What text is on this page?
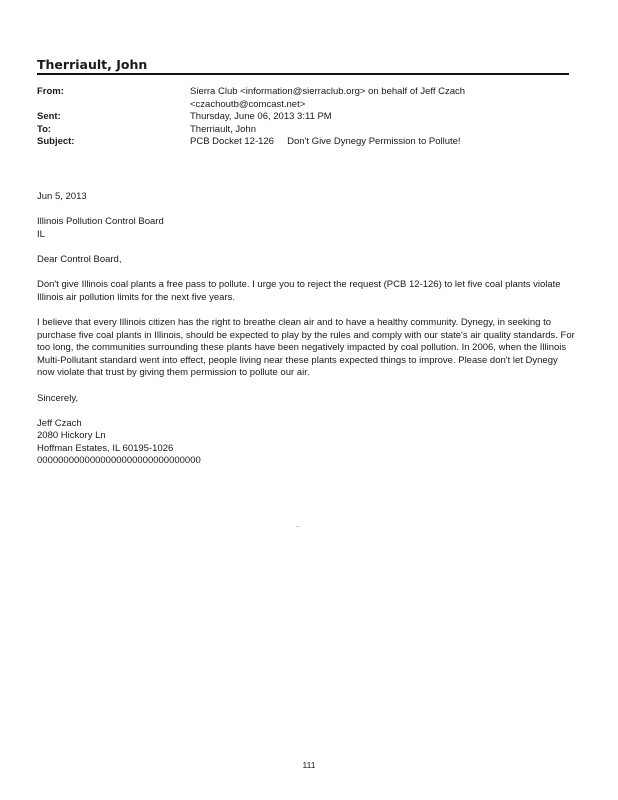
Therriault, John
From:	Sierra Club <information@sierraclub.org> on behalf of Jeff Czach
<czachoutb@comcast.net>
Sent:	Thursday, June 06, 2013 3:11 PM
To:	Therriault, John
Subject:	PCB Docket 12-126     Don't Give Dynegy Permission to Pollute!

Jun 5, 2013

Illinois Pollution Control Board

IL

Dear Control Board,

Don't give Illinois coal plants a free pass to pollute. I urge you to reject the request (PCB 12-126) to let five coal plants violate Illinois air pollution limits for the next five years.

I believe that every Illinois citizen has the right to breathe clean air and to have a healthy community. Dynegy, in seeking to purchase five coal plants in Illinois, should be expected to play by the rules and comply with our state's air quality standards. For too long, the communities surrounding these plants have been negatively impacted by coal pollution. In 2006, when the Illinois Multi-Pollutant standard went into effect, people living near these plants expected things to improve. Please don't let Dynegy now violate that trust by giving them permission to pollute our air.

Sincerely,

Jeff Czach

2080 Hickory Ln

Hoffman Estates, IL 60195-1026

0000000000000000000000000000000

..
111
